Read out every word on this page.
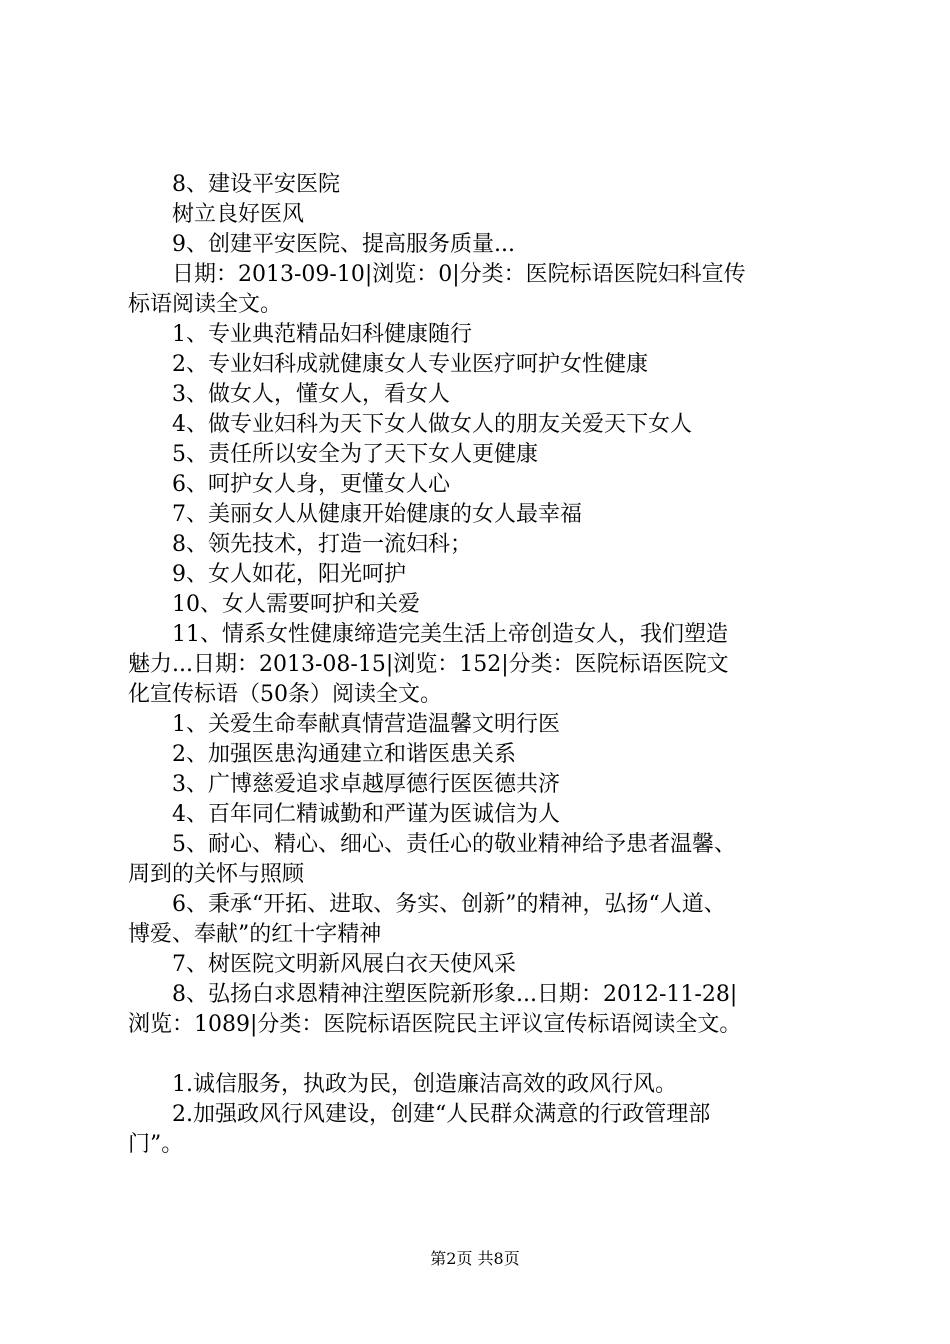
8、建设平安医院
树立良好医风
9、创建平安医院、提高服务质量...
日期：2013-09-10|浏览：0|分类：医院标语医院妇科宣传
标语阅读全文。
1、专业典范精品妇科健康随行
2、专业妇科成就健康女人专业医疗呵护女性健康
3、做女人，懂女人，看女人
4、做专业妇科为天下女人做女人的朋友关爱天下女人
5、责任所以安全为了天下女人更健康
6、呵护女人身，更懂女人心
7、美丽女人从健康开始健康的女人最幸福
8、领先技术，打造一流妇科；
9、女人如花，阳光呵护
10、女人需要呵护和关爱
11、情系女性健康缔造完美生活上帝创造女人，我们塑造
魅力...日期：2013-08-15|浏览：152|分类：医院标语医院文
化宣传标语（50条）阅读全文。
1、关爱生命奉献真情营造温馨文明行医
2、加强医患沟通建立和谐医患关系
3、广博慈爱追求卓越厚德行医医德共济
4、百年同仁精诚勤和严谨为医诚信为人
5、耐心、精心、细心、责任心的敬业精神给予患者温馨、
周到的关怀与照顾
6、秉承“开拓、进取、务实、创新”的精神，弘扬“人道、
博爱、奉献”的红十字精神
7、树医院文明新风展白衣天使风采
8、弘扬白求恩精神注塑医院新形象...日期：2012-11-28|
浏览：1089|分类：医院标语医院民主评议宣传标语阅读全文。
1.诚信服务，执政为民，创造廉洁高效的政风行风。
2.加强政风行风建设，创建“人民群众满意的行政管理部
门”。
第2页 共8页
